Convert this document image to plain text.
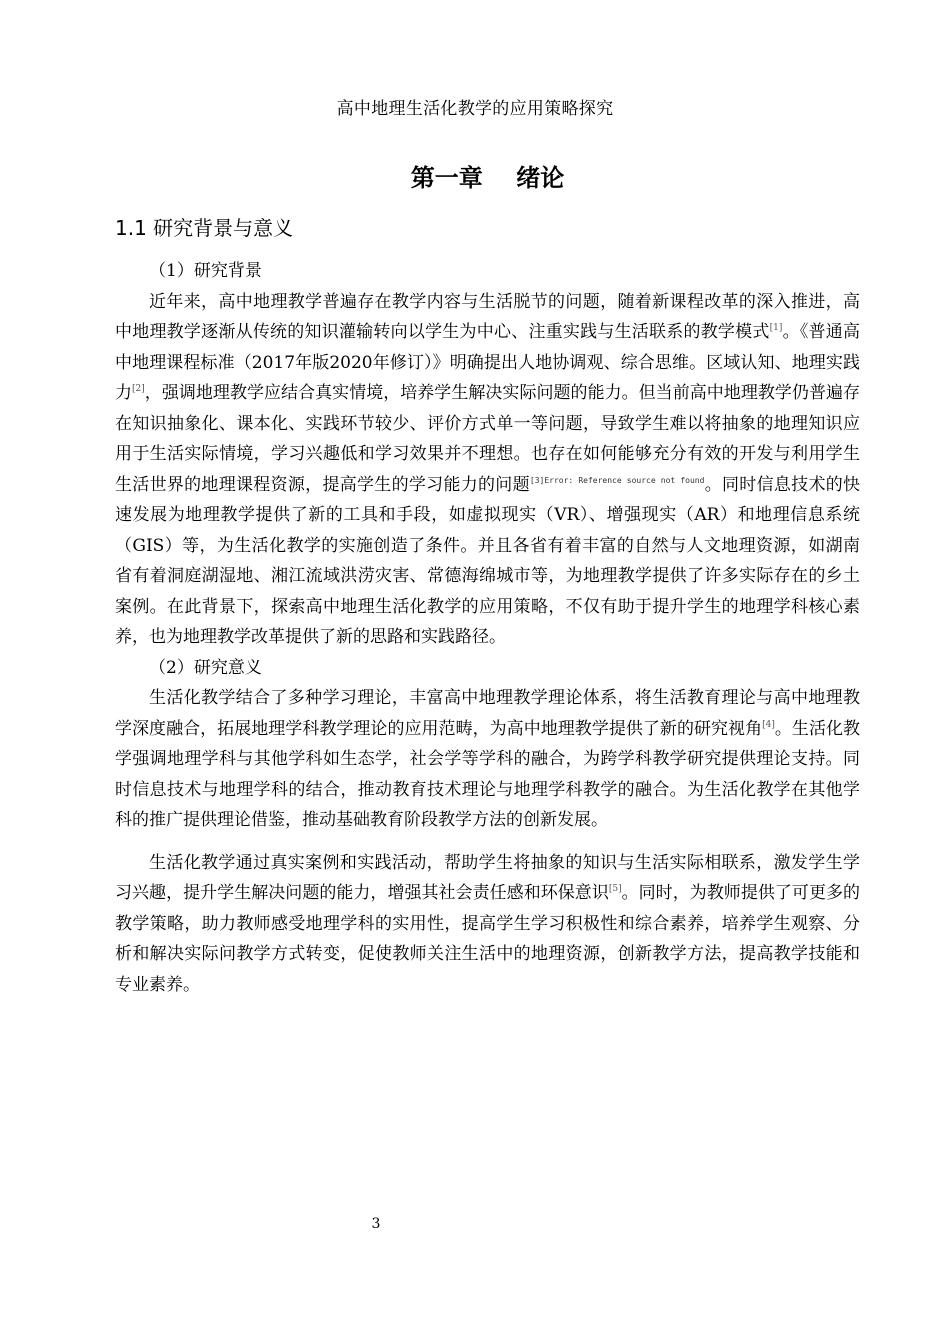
高中地理生活化教学的应用策略探究
第一章    绪论
1.1 研究背景与意义

（1）研究背景

近年来，高中地理教学普遍存在教学内容与生活脱节的问题，随着新课程改革的深入推进，高中地理教学逐渐从传统的知识灌输转向以学生为中心、注重实践与生活联系的教学模式[1]。《普通高中地理课程标准（2017年版2020年修订）》明确提出人地协调观、综合思维。区域认知、地理实践力[2]，强调地理教学应结合真实情境，培养学生解决实际问题的能力。但当前高中地理教学仍普遍存在知识抽象化、课本化、实践环节较少、评价方式单一等问题，导致学生难以将抽象的地理知识应用于生活实际情境，学习兴趣低和学习效果并不理想。也存在如何能够充分有效的开发与利用学生生活世界的地理课程资源，提高学生的学习能力的问题$^{[3]Error: Reference source not found}$。同时信息技术的快速发展为地理教学提供了新的工具和手段，如虚拟现实（VR）、增强现实（AR）和地理信息系统（GIS）等，为生活化教学的实施创造了条件。并且各省有着丰富的自然与人文地理资源，如湖南省有着洞庭湖湿地、湘江流域洪涝灾害、常德海绵城市等，为地理教学提供了许多实际存在的乡土案例。在此背景下，探索高中地理生活化教学的应用策略，不仅有助于提升学生的地理学科核心素养，也为地理教学改革提供了新的思路和实践路径。

（2）研究意义

生活化教学结合了多种学习理论，丰富高中地理教学理论体系，将生活教育理论与高中地理教学深度融合，拓展地理学科教学理论的应用范畴，为高中地理教学提供了新的研究视角[4]。生活化教学强调地理学科与其他学科如生态学，社会学等学科的融合，为跨学科教学研究提供理论支持。同时信息技术与地理学科的结合，推动教育技术理论与地理学科教学的融合。为生活化教学在其他学科的推广提供理论借鉴，推动基础教育阶段教学方法的创新发展。

生活化教学通过真实案例和实践活动，帮助学生将抽象的知识与生活实际相联系，激发学生学习兴趣，提升学生解决问题的能力，增强其社会责任感和环保意识[5]。同时，为教师提供了可更多的教学策略，助力教师感受地理学科的实用性，提高学生学习积极性和综合素养，培养学生观察、分析和解决实际问教学方式转变，促使教师关注生活中的地理资源，创新教学方法，提高教学技能和专业素养。

3
